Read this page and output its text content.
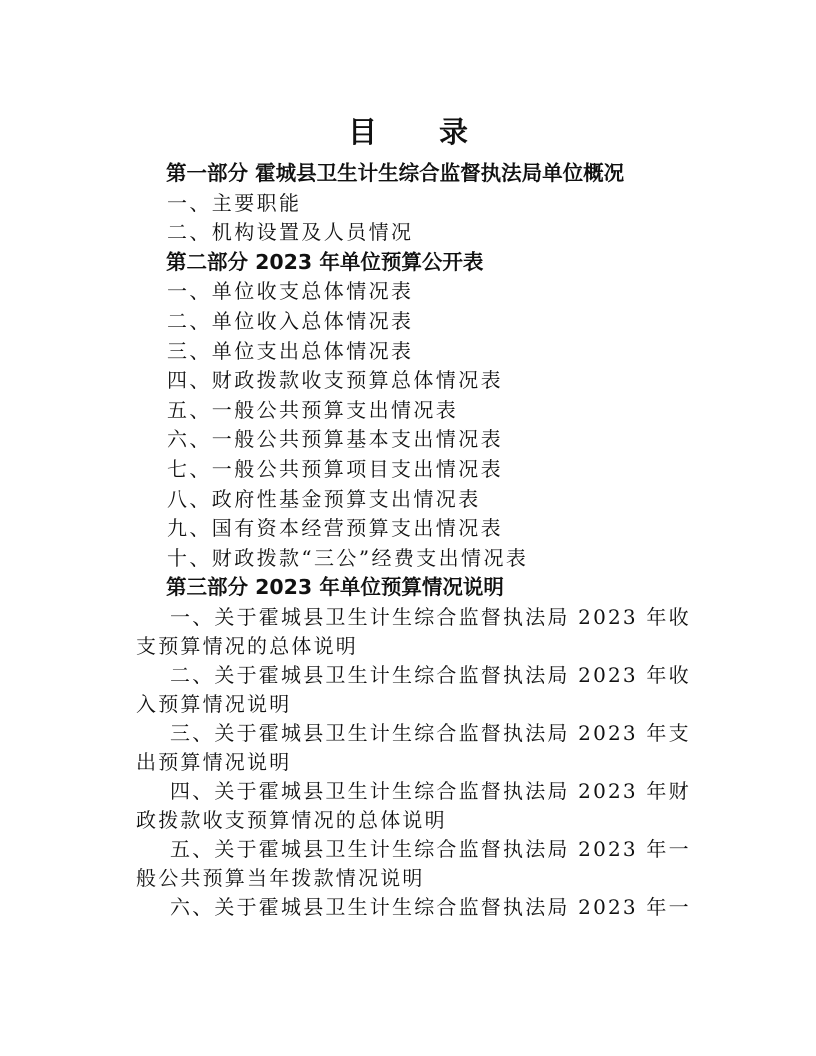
目 录
第一部分 霍城县卫生计生综合监督执法局单位概况
一、主要职能
二、机构设置及人员情况
第二部分 2023 年单位预算公开表
一、单位收支总体情况表
二、单位收入总体情况表
三、单位支出总体情况表
四、财政拨款收支预算总体情况表
五、一般公共预算支出情况表
六、一般公共预算基本支出情况表
七、一般公共预算项目支出情况表
八、政府性基金预算支出情况表
九、国有资本经营预算支出情况表
十、财政拨款“三公”经费支出情况表
第三部分 2023 年单位预算情况说明
一、关于霍城县卫生计生综合监督执法局 2023 年收
支预算情况的总体说明
二、关于霍城县卫生计生综合监督执法局 2023 年收
入预算情况说明
三、关于霍城县卫生计生综合监督执法局 2023 年支
出预算情况说明
四、关于霍城县卫生计生综合监督执法局 2023 年财
政拨款收支预算情况的总体说明
五、关于霍城县卫生计生综合监督执法局 2023 年一
般公共预算当年拨款情况说明
六、关于霍城县卫生计生综合监督执法局 2023 年一
